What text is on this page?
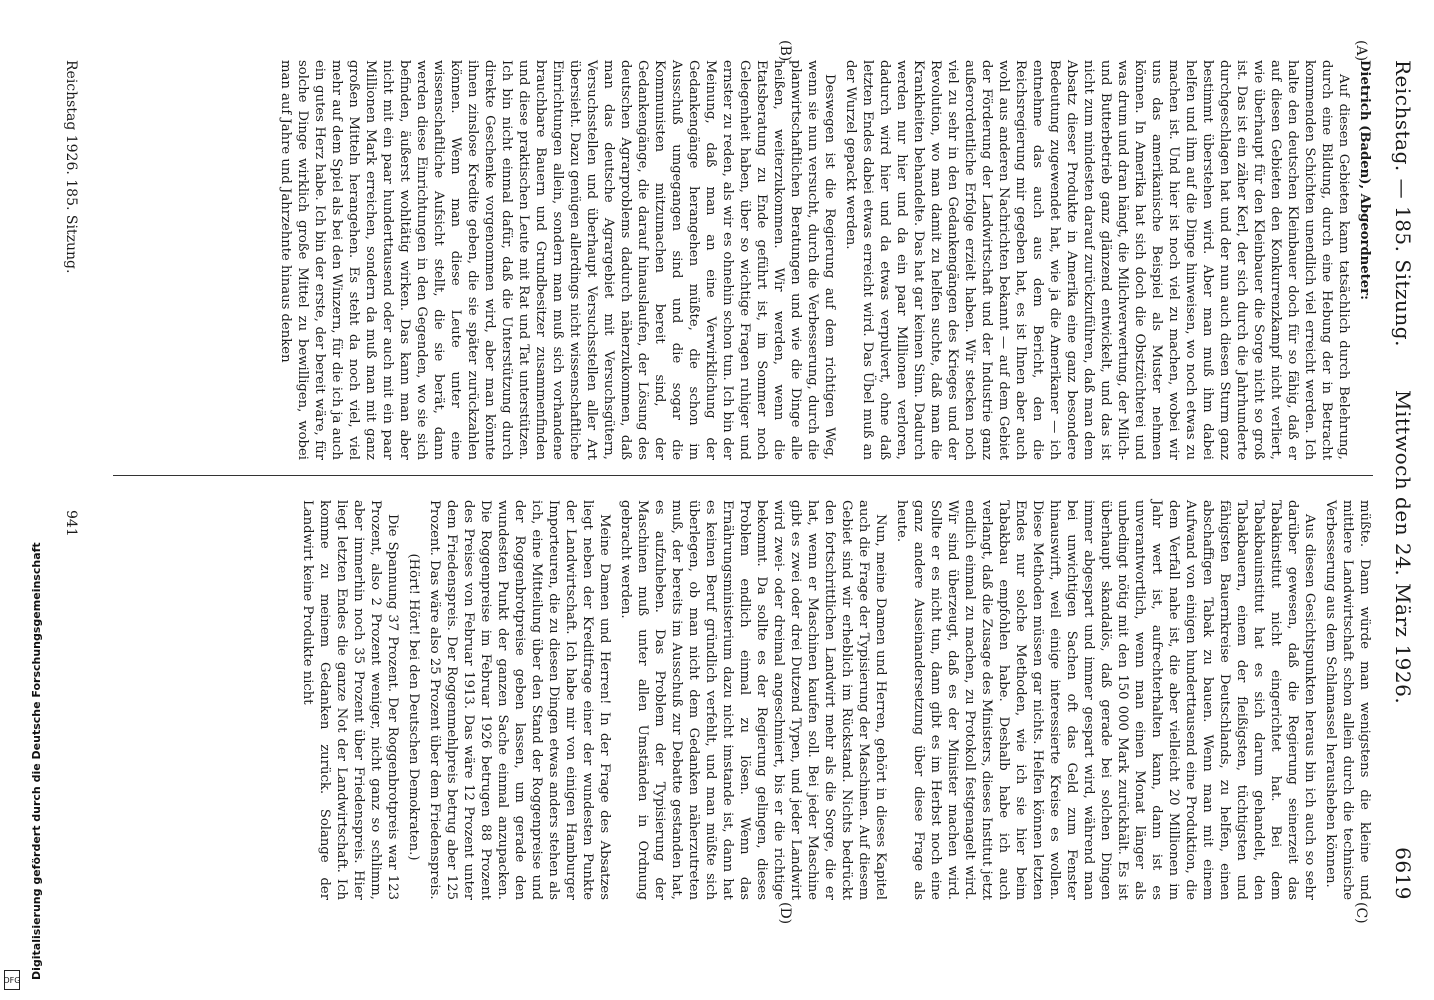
Digitalisierung gefördert durch die Deutsche Forschungsgemeinschaft
DFG
Reichstag. — 185. Sitzung.
Mittwoch den 24. März 1926.
6619
(A)
(B)
(C)
(D)

Dietrich (Baden), Abgeordneter:

Auf diesen Gebieten kann tatsächlich durch Belehrung, durch eine Bildung, durch eine Hebung der in Betracht kommenden Schichten unendlich viel erreicht werden. Ich halte den deutschen Kleinbauer doch für so fähig, daß er auf diesen Gebieten den Konkurrenzkampf nicht verliert, wie überhaupt für den Kleinbauer die Sorge nicht so groß ist. Das ist ein zäher Kerl, der sich durch die Jahrhunderte durchgeschlagen hat und der nun auch diesen Sturm ganz bestimmt überstehen wird. Aber man muß ihm dabei helfen und ihm auf die Dinge hinweisen, wo noch etwas zu machen ist. Und hier ist noch viel zu machen, wobei wir uns das amerikanische Beispiel als Muster nehmen können. In Amerika hat sich doch die Obstzüchterei und was drum und dran hängt, die Milchverwertung, der Milch- und Butterbetrieb ganz glänzend entwickelt, und das ist nicht zum mindesten darauf zurückzuführen, daß man dem Absatz dieser Produkte in Amerika eine ganz besondere Bedeutung zugewendet hat, wie ja die Amerikaner — ich entnehme das auch aus dem Bericht, den die Reichsregierung mir gegeben hat, es ist Ihnen aber auch wohl aus anderen Nachrichten bekannt — auf dem Gebiet der Förderung der Landwirtschaft und der Industrie ganz außerordentliche Erfolge erzielt haben. Wir stecken noch viel zu sehr in den Gedankengängen des Krieges und der Revolution, wo man damit zu helfen suchte, daß man die Krankheiten behandelte. Das hat gar keinen Sinn. Dadurch werden nur hier und da ein paar Millionen verloren, dadurch wird hier und da etwas verpulvert, ohne daß letzten Endes dabei etwas erreicht wird. Das Übel muß an der Wurzel gepackt werden.

Deswegen ist die Regierung auf dem richtigen Weg, wenn sie nun versucht, durch die Verbesserung, durch die planwirtschaftlichen Beratungen und wie die Dinge alle heißen, weiterzukommen. Wir werden, wenn die Etatsberatung zu Ende geführt ist, im Sommer noch Gelegenheit haben, über so wichtige Fragen ruhiger und ernster zu reden, als wir es ohnehin schon tun. Ich bin der Meinung, daß man an eine Verwirklichung der Gedankengänge herangehen müßte, die schon im Ausschuß umgegangen sind und die sogar die Kommunisten mitzumachen bereit sind, der Gedankengänge, die darauf hinauslaufen, der Lösung des deutschen Agrarproblems dadurch näherzukommen, daß man das deutsche Agrargebiet mit Versuchsgütern, Versuchsstellen und überhaupt Versuchsstellen aller Art übersieht. Dazu genügen allerdings nicht wissenschaftliche Einrichtungen allein, sondern man muß sich vorhandene brauchbare Bauern und Grundbesitzer zusammenfinden und diese praktischen Leute mit Rat und Tat unterstützen. Ich bin nicht einmal dafür, daß die Unterstützung durch direkte Geschenke vorgenommen wird, aber man könnte ihnen zinslose Kredite geben, die sie später zurückzahlen können. Wenn man diese Leute unter eine wissenschaftliche Aufsicht stellt, die sie berät, dann werden diese Einrichtungen in den Gegenden, wo sie sich befinden, äußerst wohltätig wirken. Das kann man aber nicht mit ein paar hunderttausend oder auch mit ein paar Millionen Mark erreichen, sondern da muß man mit ganz großen Mitteln herangehen. Es steht da noch viel, viel mehr auf dem Spiel als bei den Winzern, für die ich ja auch ein gutes Herz habe. Ich bin der erste, der bereit wäre, für solche Dinge wirklich große Mittel zu bewilligen, wobei man auf Jahre und Jahrzehnte hinaus denken

müßte. Dann würde man wenigstens die kleine und mittlere Landwirtschaft schon allein durch die technische Verbesserung aus dem Schlamassel herausheben können.

Aus diesen Gesichtspunkten heraus bin ich auch so sehr darüber gewesen, daß die Regierung seinerzeit das Tabakinstitut nicht eingerichtet hat. Bei dem Tabakbauinstitut hat es sich darum gehandelt, den Tabakbauern, einem der fleißigsten, tüchtigsten und fähigsten Bauernkreise Deutschlands, zu helfen, einen abschaffigen Tabak zu bauen. Wenn man mit einem Aufwand von einigen hunderttausend eine Produktion, die dem Verfall nahe ist, die aber vielleicht 20 Millionen im Jahr wert ist, aufrechterhalten kann, dann ist es unverantwortlich, wenn man einen Monat länger als unbedingt nötig mit den 150 000 Mark zurückhält. Es ist überhaupt skandalös, daß gerade bei solchen Dingen immer abgespart und immer gespart wird, während man bei unwichtigen Sachen oft das Geld zum Fenster hinauswirft, weil einige interessierte Kreise es wollen. Diese Methoden müssen gar nichts. Helfen können letzten Endes nur solche Methoden, wie ich sie hier beim Tabakbau empfohlen habe. Deshalb habe ich auch verlangt, daß die Zusage des Ministers, dieses Institut jetzt endlich einmal zu machen, zu Protokoll festgenagelt wird. Wir sind überzeugt, daß es der Minister machen wird. Sollte er es nicht tun, dann gibt es im Herbst noch eine ganz andere Auseinandersetzung über diese Frage als heute.

Nun, meine Damen und Herren, gehört in dieses Kapitel auch die Frage der Typisierung der Maschinen. Auf diesem Gebiet sind wir erheblich im Rückstand. Nichts bedrückt den fortschrittlichen Landwirt mehr als die Sorge, die er hat, wenn er Maschinen kaufen soll. Bei jeder Maschine gibt es zwei oder drei Dutzend Typen, und jeder Landwirt wird zwei- oder dreimal angeschmiert, bis er die richtige bekommt. Da sollte es der Regierung gelingen, dieses Problem endlich einmal zu lösen. Wenn das Ernährungsministerium dazu nicht imstande ist, dann hat es keinen Beruf gründlich verfehlt, und man müßte sich überlegen, ob man nicht dem Gedanken näherzutreten muß, der bereits im Ausschuß zur Debatte gestanden hat, es aufzuheben. Das Problem der Typisierung der Maschinen muß unter allen Umständen in Ordnung gebracht werden.

Meine Damen und Herren! In der Frage des Absatzes liegt neben der Kreditfrage einer der wundesten Punkte der Landwirtschaft. Ich habe mir von einigen Hamburger Importeuren, die zu diesen Dingen etwas anders stehen als ich, eine Mitteilung über den Stand der Roggenpreise und der Roggenbrotpreise geben lassen, um gerade den wundesten Punkt der ganzen Sache einmal anzupacken. Die Roggenpreise im Februar 1926 betrugen 88 Prozent des Preises von Februar 1913. Das wäre 12 Prozent unter dem Friedenspreis. Der Roggenmehlpreis betrug aber 125 Prozent. Das wäre also 25 Prozent über dem Friedenspreis.

(Hört! Hört! bei den Deutschen Demokraten.)

Die Spannung 37 Prozent. Der Roggenbrotpreis war 123 Prozent, also 2 Prozent weniger, nicht ganz so schlimm, aber immerhin noch 35 Prozent über Friedenspreis. Hier liegt letzten Endes die ganze Not der Landwirtschaft. Ich komme zu meinem Gedanken zurück. Solange der Landwirt keine Produkte nicht

Reichstag 1926. 185. Sitzung.
941
